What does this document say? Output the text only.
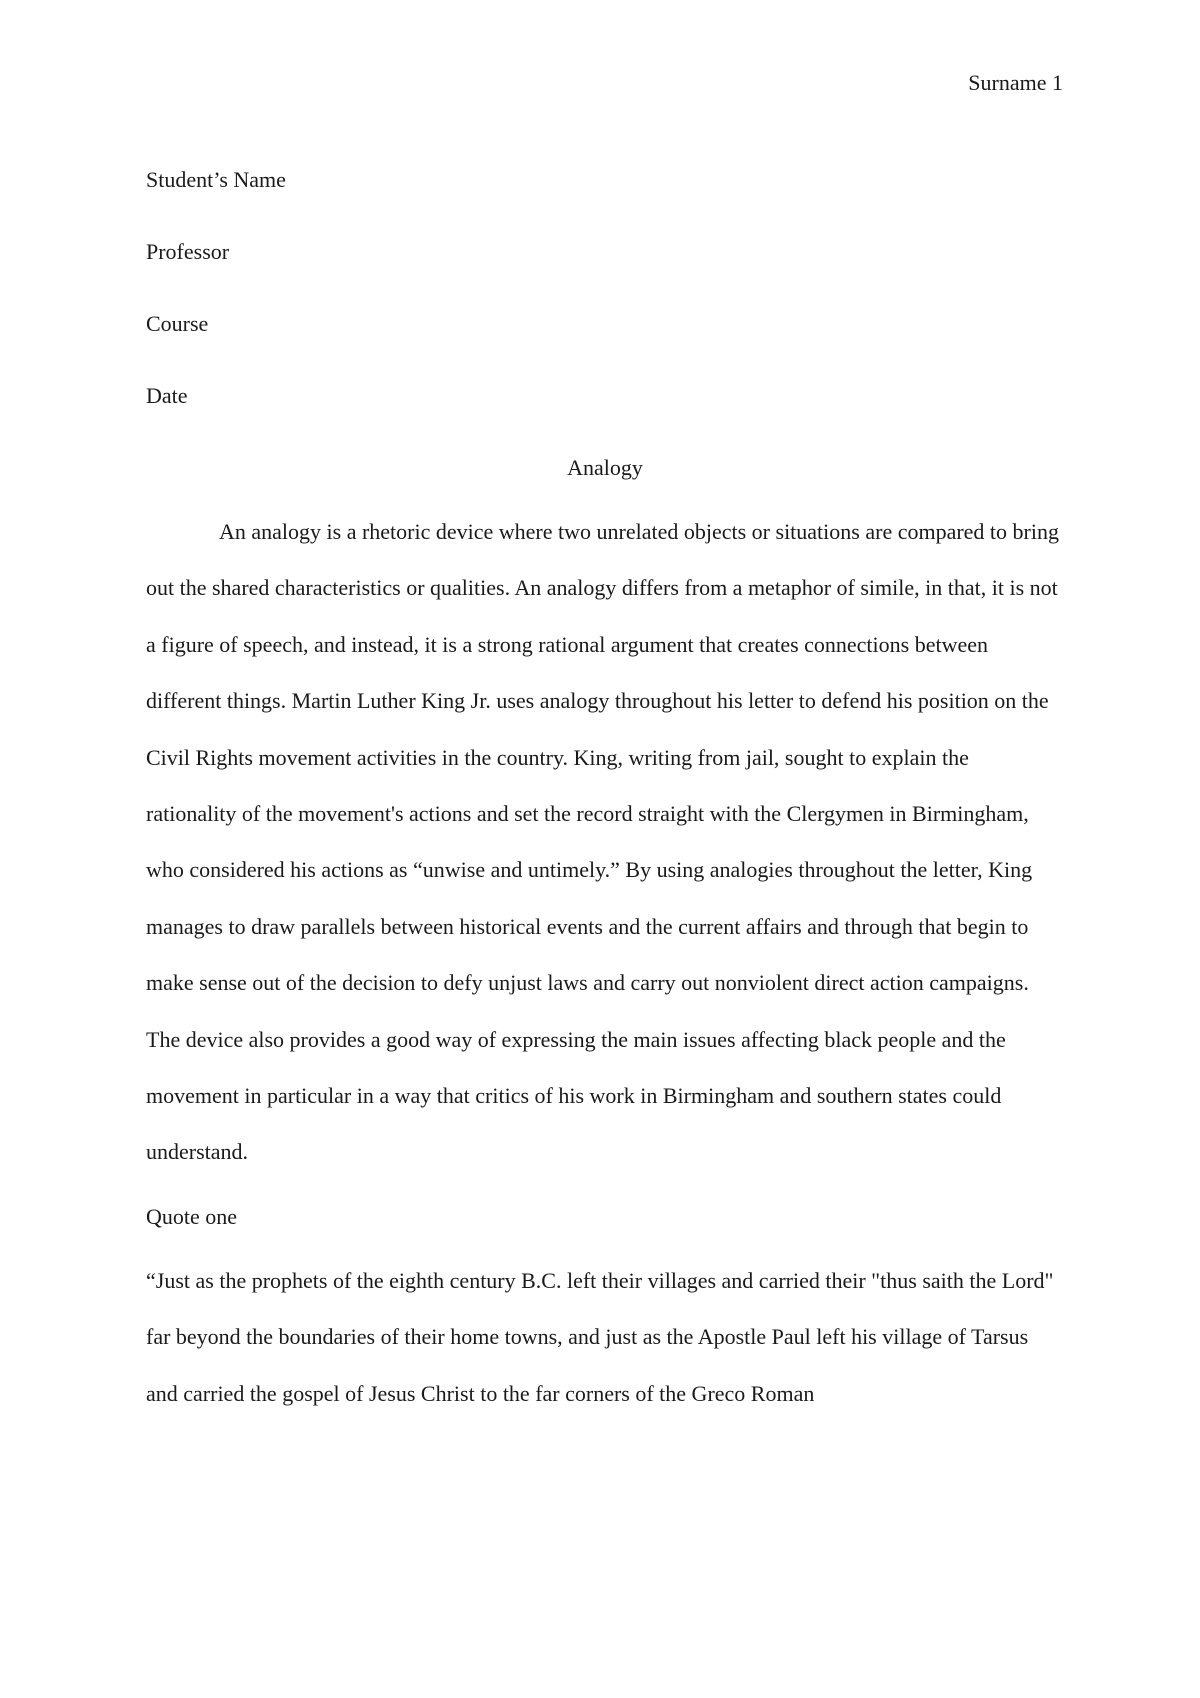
Surname 1
Student’s Name
Professor
Course
Date
Analogy

An analogy is a rhetoric device where two unrelated objects or situations are compared to bring out the shared characteristics or qualities. An analogy differs from a metaphor of simile, in that, it is not a figure of speech, and instead, it is a strong rational argument that creates connections between different things. Martin Luther King Jr. uses analogy throughout his letter to defend his position on the Civil Rights movement activities in the country. King, writing from jail, sought to explain the rationality of the movement's actions and set the record straight with the Clergymen in Birmingham, who considered his actions as “unwise and untimely.” By using analogies throughout the letter, King manages to draw parallels between historical events and the current affairs and through that begin to make sense out of the decision to defy unjust laws and carry out nonviolent direct action campaigns. The device also provides a good way of expressing the main issues affecting black people and the movement in particular in a way that critics of his work in Birmingham and southern states could understand.

Quote one

“Just as the prophets of the eighth century B.C. left their villages and carried their "thus saith the Lord" far beyond the boundaries of their home towns, and just as the Apostle Paul left his village of Tarsus and carried the gospel of Jesus Christ to the far corners of the Greco Roman
